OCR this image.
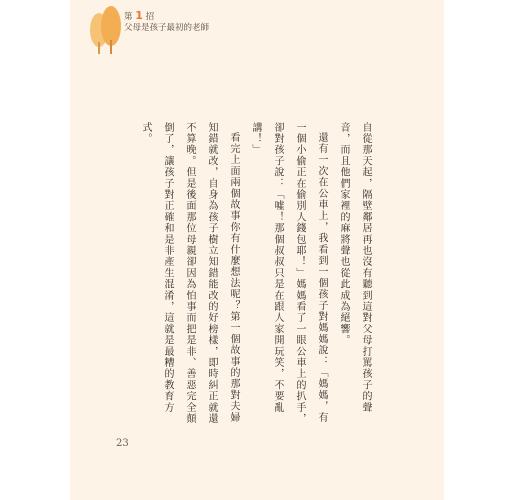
第 1 招
父母是孩子最初的老師

自從那天起，隔壁鄰居再也沒有聽到這對父母打罵孩子的聲音，而且他們家裡的麻將聲也從此成為絕響。

還有一次在公車上，我看到一個孩子對媽媽說：「媽媽，有一個小偷正在偷別人錢包耶！」媽媽看了一眼公車上的扒手，卻對孩子說：「噓！那個叔叔只是在跟人家開玩笑，不要亂講！」

看完上面兩個故事你有什麼想法呢？第一個故事的那對夫婦知錯就改，自身為孩子樹立知錯能改的好榜樣，即時糾正就還不算晚。但是後面那位母親卻因為怕事而把是非、善惡完全顛倒了，讓孩子對正確和是非產生混淆，這就是最糟的教育方式。

23
